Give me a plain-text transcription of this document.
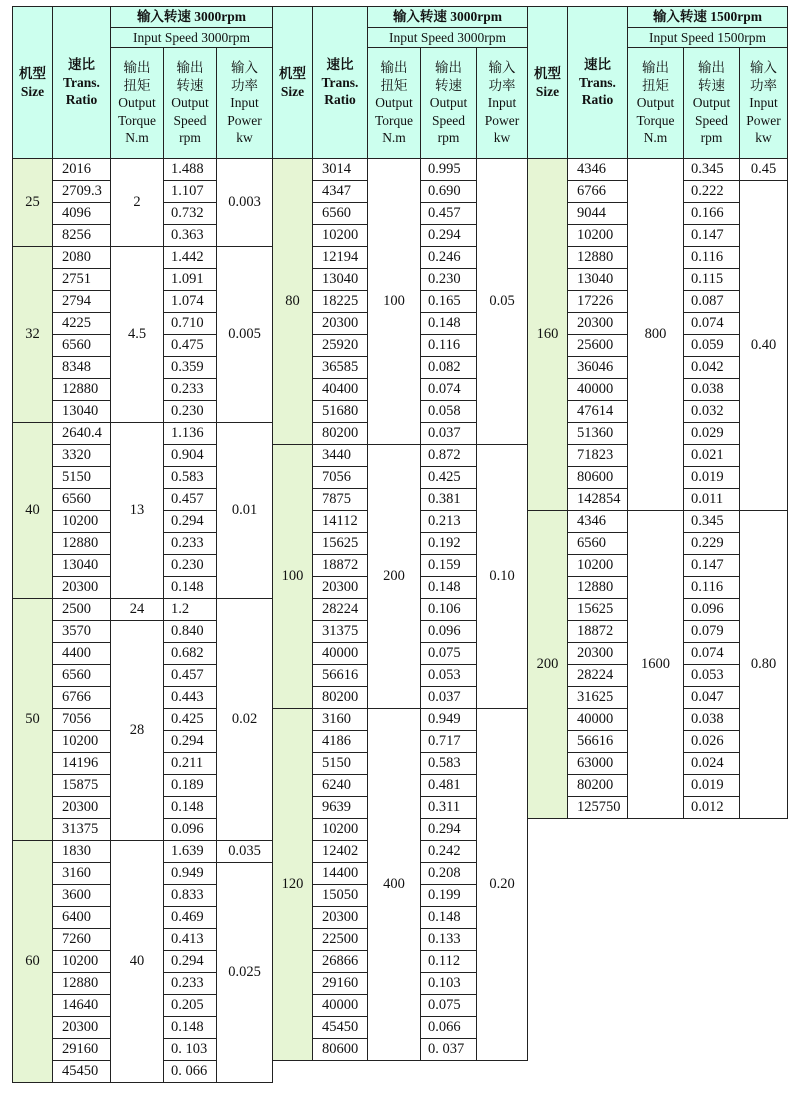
机型
Size	速比
Trans.
Ratio	输入转速 3000rpm		
		Input Speed 3000rpm		

		输出
扭矩
Output
Torque
N.m	输出
转速
Output
Speed
rpm	输入
功率
Input
Power
kw

25	2016	2	1.488	0.003
	2709.3		1.107	
	4096		0.732	
	8256		0.363	
32	2080	4.5	1.442	0.005
	2751		1.091	
	2794		1.074	
	4225		0.710	
	6560		0.475	
	8348		0.359	
	12880		0.233	
	13040		0.230	
40	2640.4	13	1.136	0.01
	3320		0.904	
	5150		0.583	
	6560		0.457	
	10200		0.294	
	12880		0.233	
	13040		0.230	
	20300		0.148	
50	2500	24	1.2	0.02
	3570	28	0.840	
	4400		0.682	
	6560		0.457	
	6766		0.443	
	7056		0.425	
	10200		0.294	
	14196		0.211	
	15875		0.189	
	20300		0.148	
	31375		0.096	
60	1830	40	1.639	0.035
	3160		0.949	0.025
	3600		0.833	
	6400		0.469	
	7260		0.413	
	10200		0.294	
	12880		0.233	
	14640		0.205	
	20300		0.148	
	29160		0. 103	
	45450		0. 066	
机型
Size	速比
Trans.
Ratio	输入转速 3000rpm		
		Input Speed 3000rpm		

		输出
扭矩
Output
Torque
N.m	输出
转速
Output
Speed
rpm	输入
功率
Input
Power
kw

80	3014	100	0.995	0.05
	4347		0.690	
	6560		0.457	
	10200		0.294	
	12194		0.246	
	13040		0.230	
	18225		0.165	
	20300		0.148	
	25920		0.116	
	36585		0.082	
	40400		0.074	
	51680		0.058	
	80200		0.037	
100	3440	200	0.872	0.10
	7056		0.425	
	7875		0.381	
	14112		0.213	
	15625		0.192	
	18872		0.159	
	20300		0.148	
	28224		0.106	
	31375		0.096	
	40000		0.075	
	56616		0.053	
	80200		0.037	
120	3160	400	0.949	0.20
	4186		0.717	
	5150		0.583	
	6240		0.481	
	9639		0.311	
	10200		0.294	
	12402		0.242	
	14400		0.208	
	15050		0.199	
	20300		0.148	
	22500		0.133	
	26866		0.112	
	29160		0.103	
	40000		0.075	
	45450		0.066	
	80600		0. 037	
机型
Size	速比
Trans.
Ratio	输入转速 1500rpm		
		Input Speed 1500rpm		

		输出
扭矩
Output
Torque
N.m	输出
转速
Output
Speed
rpm	输入
功率
Input
Power
kw

160	4346	800	0.345	0.45
	6766		0.222	0.40
	9044		0.166	
	10200		0.147	
	12880		0.116	
	13040		0.115	
	17226		0.087	
	20300		0.074	
	25600		0.059	
	36046		0.042	
	40000		0.038	
	47614		0.032	
	51360		0.029	
	71823		0.021	
	80600		0.019	
	142854		0.011	
200	4346	1600	0.345	0.80
	6560		0.229	
	10200		0.147	
	12880		0.116	
	15625		0.096	
	18872		0.079	
	20300		0.074	
	28224		0.053	
	31625		0.047	
	40000		0.038	
	56616		0.026	
	63000		0.024	
	80200		0.019	
	125750		0.012	
